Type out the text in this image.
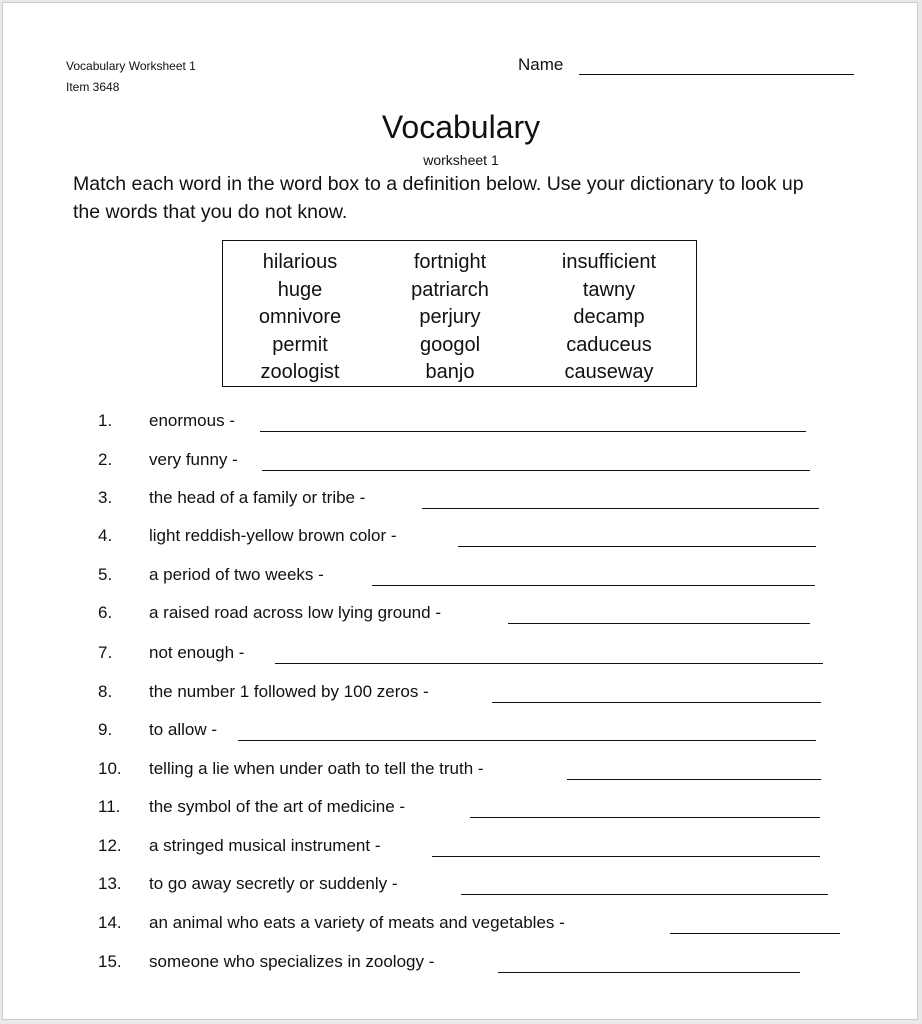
Vocabulary Worksheet 1
Item 3648
Name
Vocabulary
worksheet 1
Match each word in the word box to a definition below. Use your dictionary to look up the words that you do not know.
hilarious
huge
omnivore
permit
zoologist
fortnight
patriarch
perjury
googol
banjo
insufficient
tawny
decamp
caduceus
causeway
1. enormous -
2. very funny -
3. the head of a family or tribe -
4. light reddish-yellow brown color -
5. a period of two weeks -
6. a raised road across low lying ground -
7. not enough -
8. the number 1 followed by 100 zeros -
9. to allow -
10. telling a lie when under oath to tell the truth -
11. the symbol of the art of medicine -
12. a stringed musical instrument -
13. to go away secretly or suddenly -
14. an animal who eats a variety of meats and vegetables -
15. someone who specializes in zoology -
